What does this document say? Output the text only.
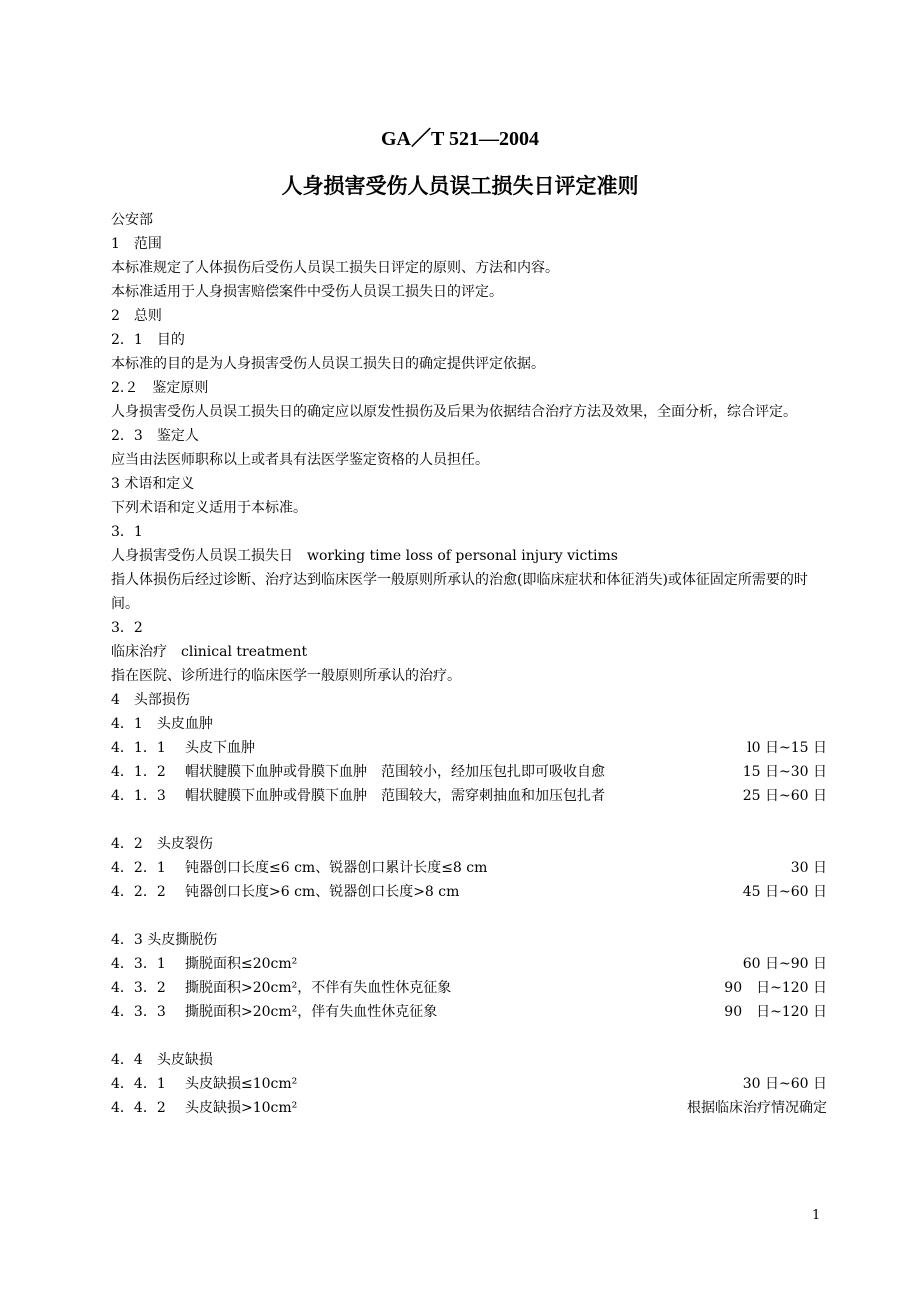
GA／T 521—2004
人身损害受伤人员误工损失日评定准则
公安部
1　范围
本标准规定了人体损伤后受伤人员误工损失日评定的原则、方法和内容。
本标准适用于人身损害赔偿案件中受伤人员误工损失日的评定。
2　总则
2．1　目的
本标准的目的是为人身损害受伤人员误工损失日的确定提供评定依据。
2.２　鉴定原则
人身损害受伤人员误工损失日的确定应以原发性损伤及后果为依据结合治疗方法及效果，全面分析，综合评定。
2．3　鉴定人
应当由法医师职称以上或者具有法医学鉴定资格的人员担任。
3 术语和定义
下列术语和定义适用于本标准。
3．1
人身损害受伤人员误工损失日　working time loss of personal injury victims
指人体损伤后经过诊断、治疗达到临床医学一般原则所承认的治愈(即临床症状和体征消失)或体征固定所需要的时间。
3．2
临床治疗　clinical treatment
指在医院、诊所进行的临床医学一般原则所承认的治疗。
4　头部损伤
4．1　头皮血肿
4．1．1	头皮下血肿	l0 日~15 日
4．1．2	帽状腱膜下血肿或骨膜下血肿　范围较小，经加压包扎即可吸收自愈	15 日~30 日
4．1．3	帽状腱膜下血肿或骨膜下血肿　范围较大，需穿刺抽血和加压包扎者	25 日~60 日
4．2　头皮裂伤
4．2．1	钝器创口长度≤6 cm、锐器创口累计长度≤8 cm	30 日
4．2．2	钝器创口长度>6 cm、锐器创口长度>8 cm	45 日~60 日
4．3 头皮撕脱伤
4．3．1	撕脱面积≤20cm²	60 日~90 日
4．3．2	撕脱面积>20cm²，不伴有失血性休克征象	90　日~120 日
4．3．3	撕脱面积>20cm²，伴有失血性休克征象	90　日~120 日
4．4　头皮缺损
4．4．1	头皮缺损≤10cm²	30 日~60 日
4．4．2	头皮缺损>10cm²	根据临床治疗情况确定
1
